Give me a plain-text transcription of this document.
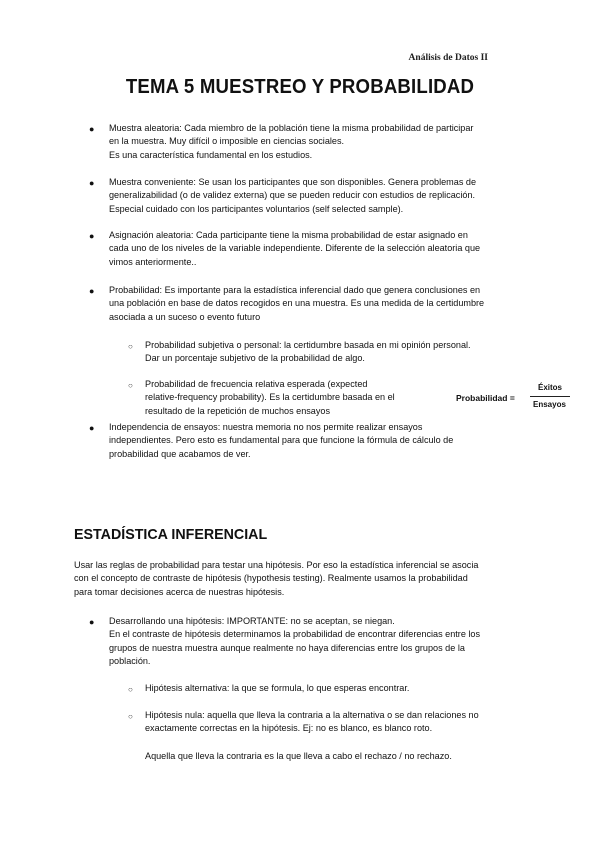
Análisis de Datos II
TEMA 5 MUESTREO Y PROBABILIDAD
● Muestra aleatoria: Cada miembro de la población tiene la misma probabilidad de participar
en la muestra. Muy difícil o imposible en ciencias sociales.
Es una característica fundamental en los estudios.
● Muestra conveniente: Se usan los participantes que son disponibles. Genera problemas de
generalizabilidad (o de validez externa) que se pueden reducir con estudios de replicación.
Especial cuidado con los participantes voluntarios (self selected sample).
● Asignación aleatoria: Cada participante tiene la misma probabilidad de estar asignado en
cada uno de los niveles de la variable independiente. Diferente de la selección aleatoria que
vimos anteriormente..
● Probabilidad: Es importante para la estadística inferencial dado que genera conclusiones en
una población en base de datos recogidos en una muestra. Es una medida de la certidumbre
asociada a un suceso o evento futuro
○ Probabilidad subjetiva o personal: la certidumbre basada en mi opinión personal.
Dar un porcentaje subjetivo de la probabilidad de algo.
○ Probabilidad de frecuencia relativa esperada (expected
relative-frequency probability). Es la certidumbre basada en el
resultado de la repetición de muchos ensayos
Probabilidad =
Éxitos
Ensayos
● Independencia de ensayos: nuestra memoria no nos permite realizar ensayos
independientes. Pero esto es fundamental para que funcione la fórmula de cálculo de
probabilidad que acabamos de ver.
ESTADÍSTICA INFERENCIAL
Usar las reglas de probabilidad para testar una hipótesis. Por eso la estadística inferencial se asocia
con el concepto de contraste de hipótesis (hypothesis testing). Realmente usamos la probabilidad
para tomar decisiones acerca de nuestras hipótesis.
● Desarrollando una hipótesis: IMPORTANTE: no se aceptan, se niegan.
En el contraste de hipótesis determinamos la probabilidad de encontrar diferencias entre los
grupos de nuestra muestra aunque realmente no haya diferencias entre los grupos de la
población.
○ Hipótesis alternativa: la que se formula, lo que esperas encontrar.
○ Hipótesis nula: aquella que lleva la contraria a la alternativa o se dan relaciones no
exactamente correctas en la hipótesis. Ej: no es blanco, es blanco roto.
Aquella que lleva la contraria es la que lleva a cabo el rechazo / no rechazo.
